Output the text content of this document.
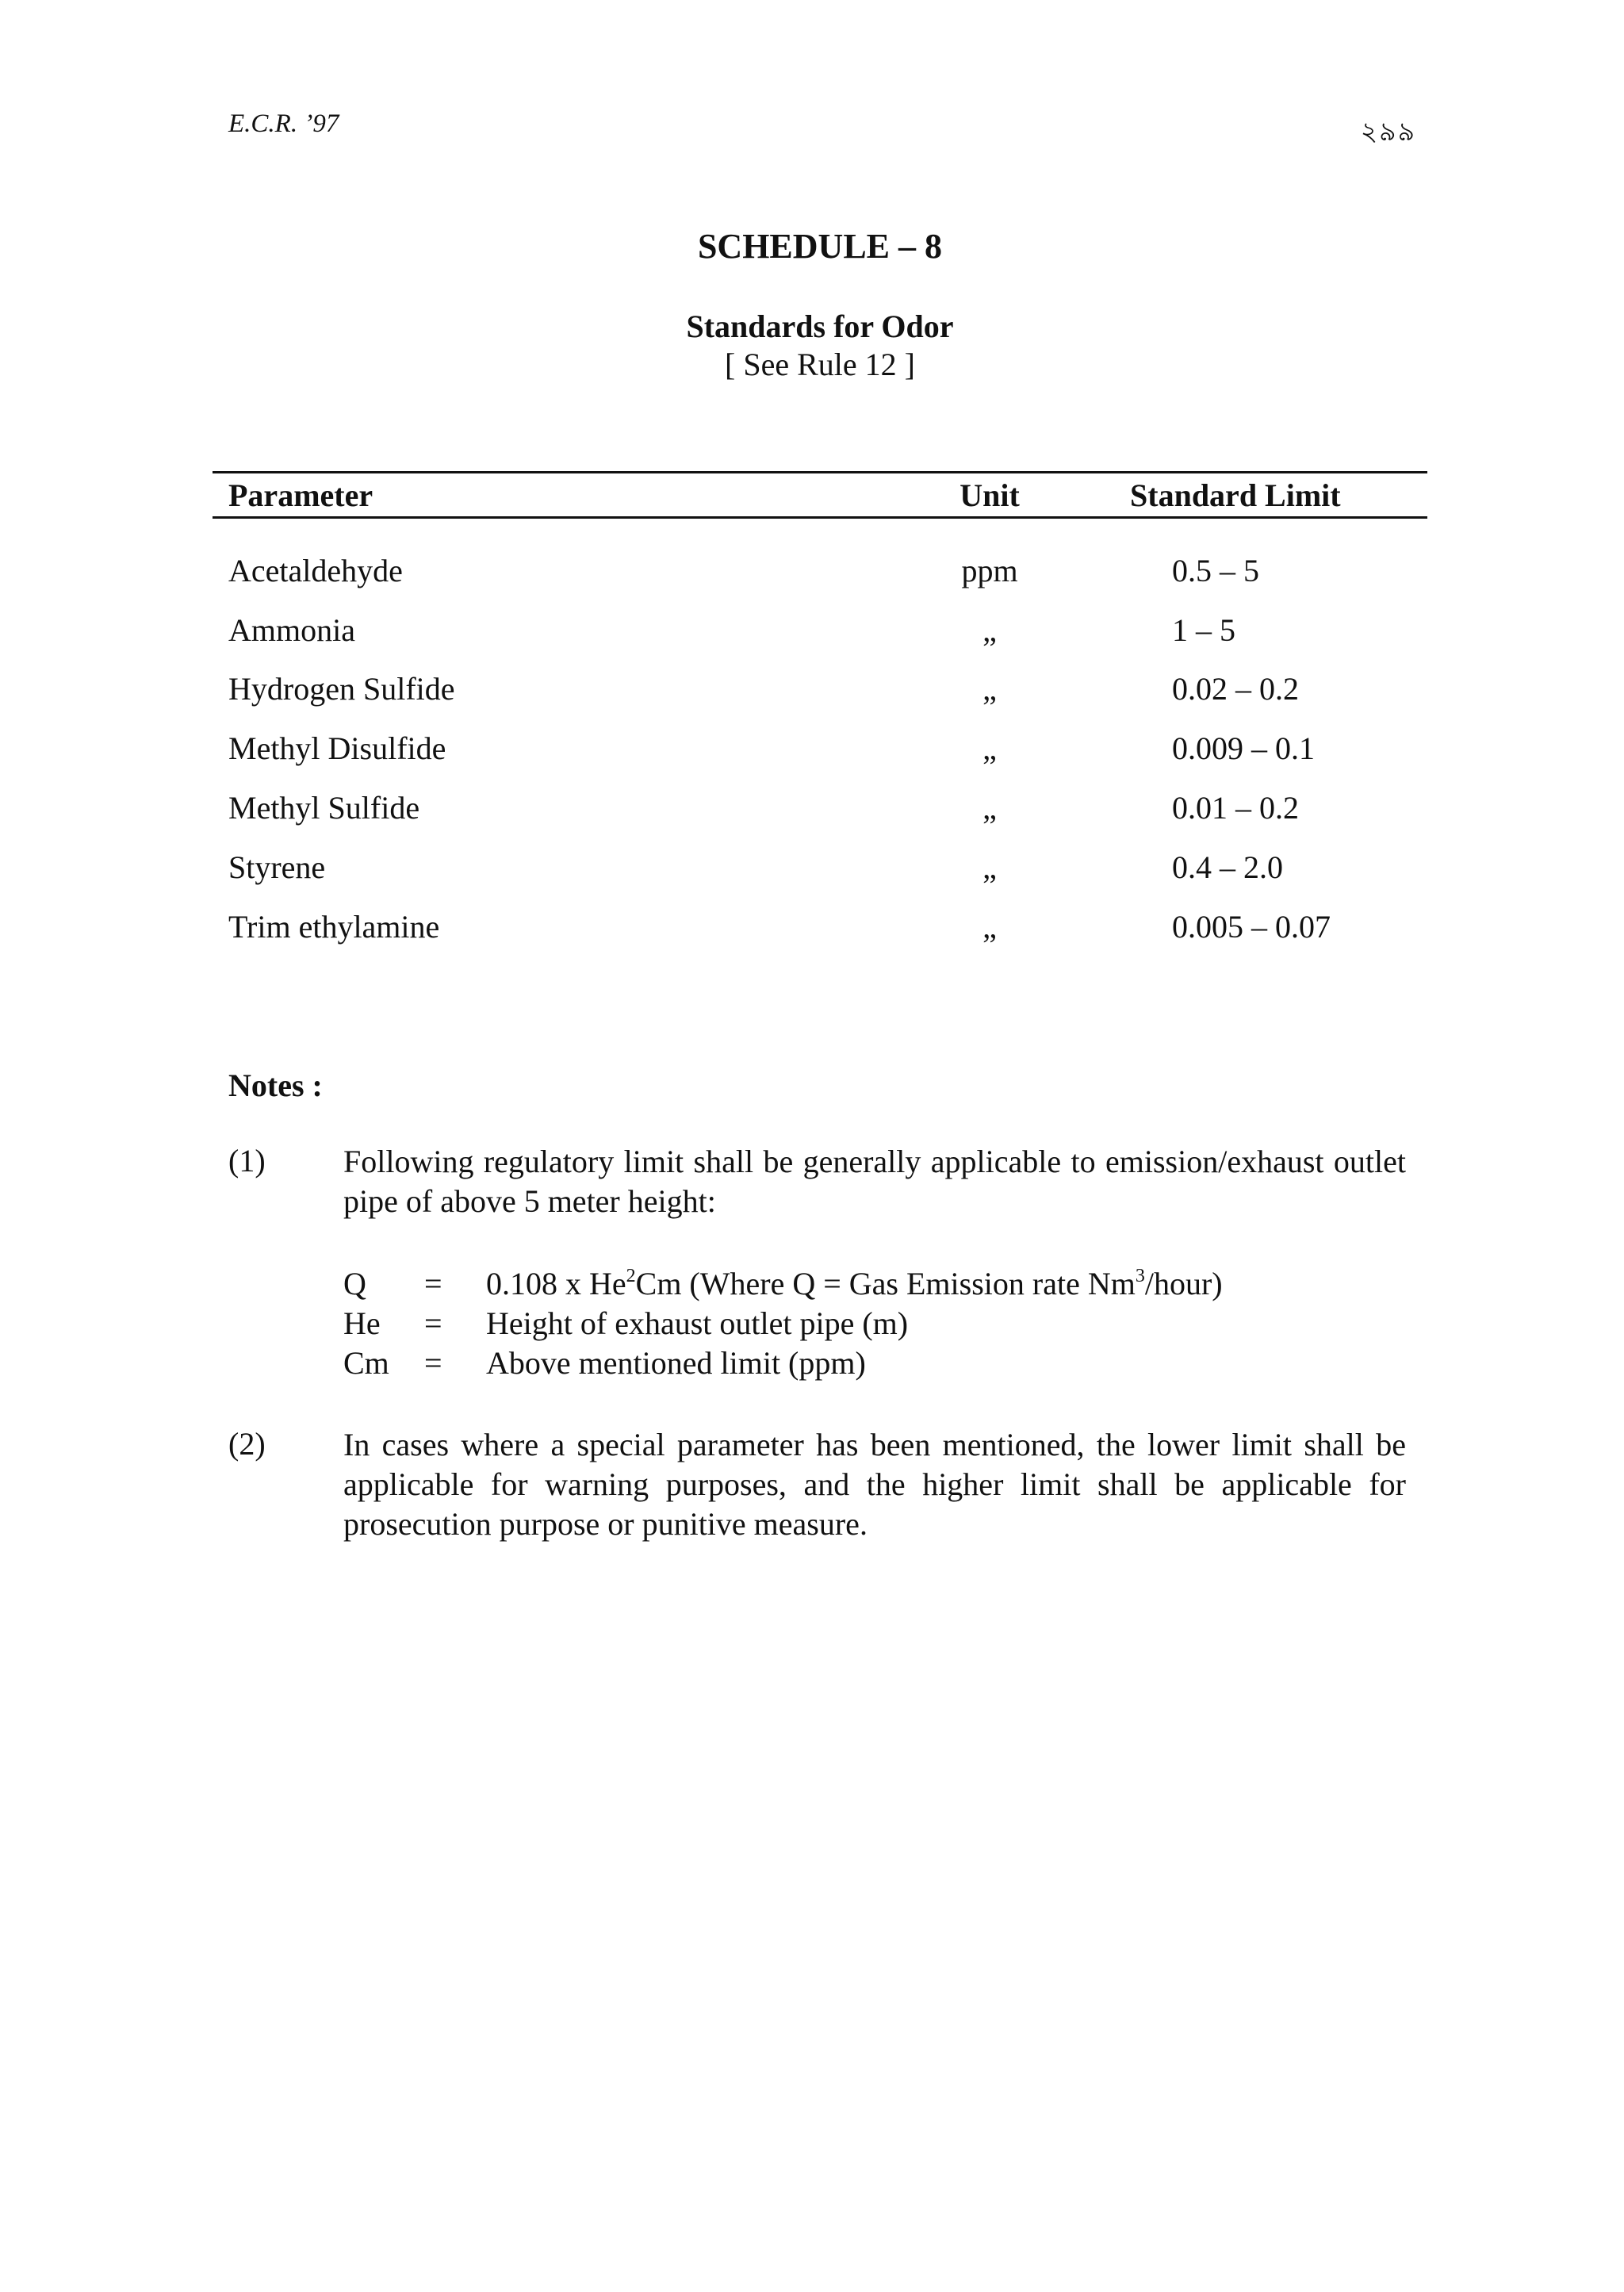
E.C.R. ’97	২৯৯
SCHEDULE – 8
Standards for Odor
[ See Rule 12 ]
Parameter	Unit	Standard Limit
Acetaldehyde	ppm	0.5 – 5
Ammonia	„	1 – 5
Hydrogen Sulfide	„	0.02 – 0.2
Methyl Disulfide	„	0.009 – 0.1
Methyl Sulfide	„	0.01 – 0.2
Styrene	„	0.4 – 2.0
Trim ethylamine	„	0.005 – 0.07
Notes :
(1) Following regulatory limit shall be generally applicable to emission/exhaust outlet pipe of above 5 meter height:
Q = 0.108 x He$^2$Cm (Where Q = Gas Emission rate Nm$^3$/hour)
He = Height of exhaust outlet pipe (m)
Cm = Above mentioned limit (ppm)
(2) In cases where a special parameter has been mentioned, the lower limit shall be applicable for warning purposes, and the higher limit shall be applicable for prosecution purpose or punitive measure.
